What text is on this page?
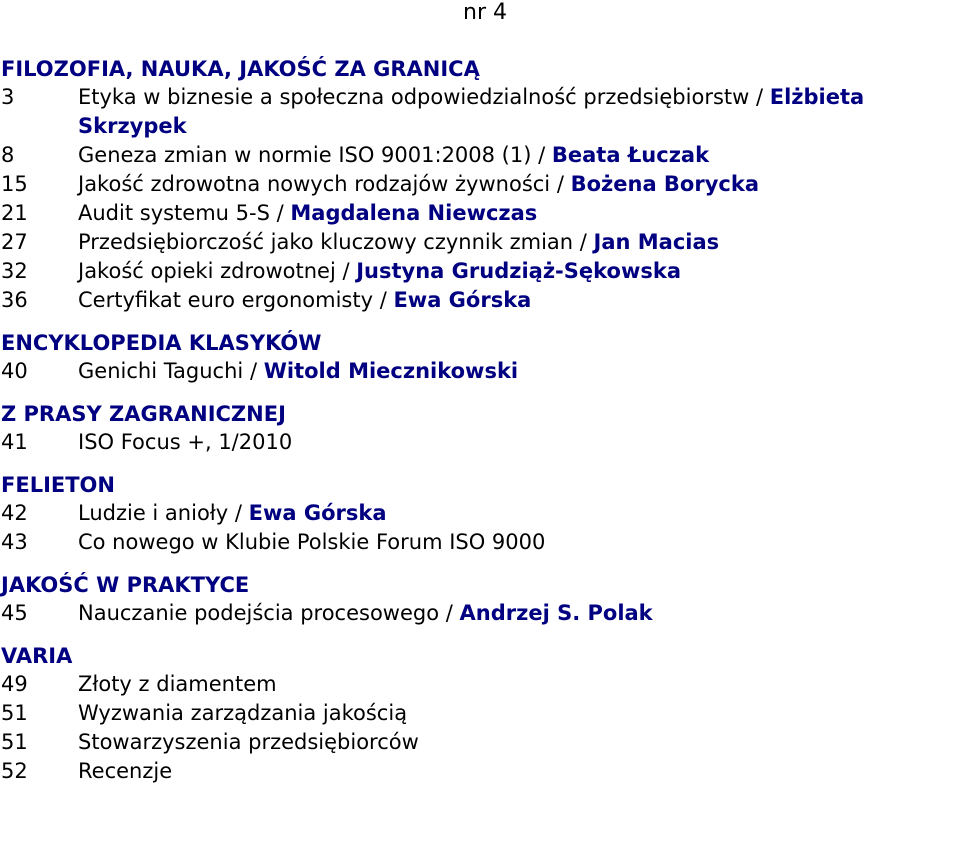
nr 4
FILOZOFIA, NAUKA, JAKOŚĆ ZA GRANICĄ
3	Etyka w biznesie a społeczna odpowiedzialność przedsiębiorstw / Elżbieta Skrzypek
8	Geneza zmian w normie ISO 9001:2008 (1) / Beata Łuczak
15	Jakość zdrowotna nowych rodzajów żywności / Bożena Borycka
21	Audit systemu 5-S / Magdalena Niewczas
27	Przedsiębiorczość jako kluczowy czynnik zmian / Jan Macias
32	Jakość opieki zdrowotnej / Justyna Grudziąż-Sękowska
36	Certyfikat euro ergonomisty / Ewa Górska
ENCYKLOPEDIA KLASYKÓW
40	Genichi Taguchi / Witold Miecznikowski
Z PRASY ZAGRANICZNEJ
41	ISO Focus +, 1/2010
FELIETON
42	Ludzie i anioły / Ewa Górska
43	Co nowego w Klubie Polskie Forum ISO 9000
JAKOŚĆ W PRAKTYCE
45	Nauczanie podejścia procesowego / Andrzej S. Polak
VARIA
49	Złoty z diamentem
51	Wyzwania zarządzania jakością
51	Stowarzyszenia przedsiębiorców
52	Recenzje
